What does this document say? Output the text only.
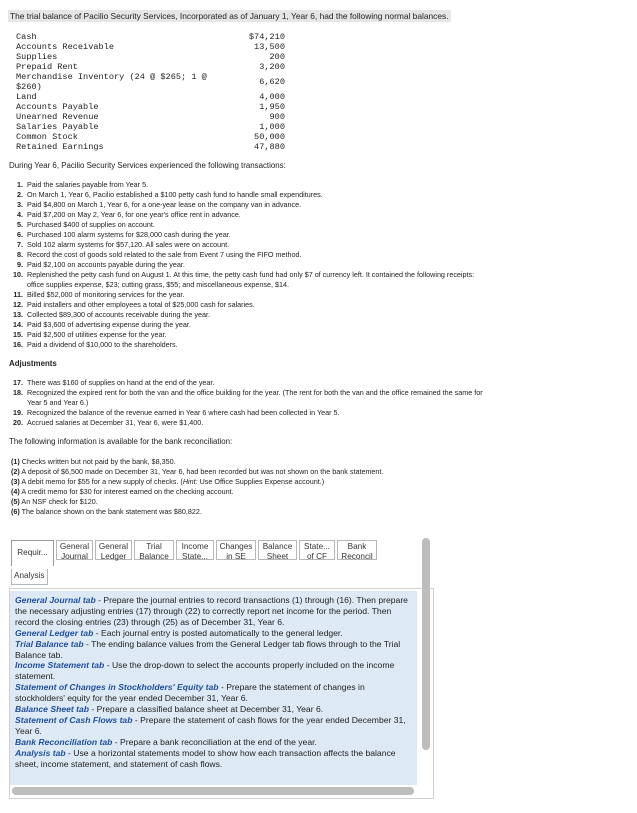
The trial balance of Pacilio Security Services, Incorporated as of January 1, Year 6, had the following normal balances.
Cash	$74,210
Accounts Receivable	13,500
Supplies	200
Prepaid Rent	3,200
Merchandise Inventory (24 @ $265; 1 @ $260)	6,620
Land	4,000
Accounts Payable	1,950
Unearned Revenue	900
Salaries Payable	1,000
Common Stock	50,000
Retained Earnings	47,880
During Year 6, Pacilio Security Services experienced the following transactions:
1. Paid the salaries payable from Year 5.
2. On March 1, Year 6, Pacilio established a $100 petty cash fund to handle small expenditures.
3. Paid $4,800 on March 1, Year 6, for a one-year lease on the company van in advance.
4. Paid $7,200 on May 2, Year 6, for one year's office rent in advance.
5. Purchased $400 of supplies on account.
6. Purchased 100 alarm systems for $28,000 cash during the year.
7. Sold 102 alarm systems for $57,120. All sales were on account.
8. Record the cost of goods sold related to the sale from Event 7 using the FIFO method.
9. Paid $2,100 on accounts payable during the year.
10. Replenished the petty cash fund on August 1. At this time, the petty cash fund had only $7 of currency left. It contained the following receipts: office supplies expense, $23; cutting grass, $55; and miscellaneous expense, $14.
11. Billed $52,000 of monitoring services for the year.
12. Paid installers and other employees a total of $25,000 cash for salaries.
13. Collected $89,300 of accounts receivable during the year.
14. Paid $3,600 of advertising expense during the year.
15. Paid $2,500 of utilities expense for the year.
16. Paid a dividend of $10,000 to the shareholders.
Adjustments
17. There was $160 of supplies on hand at the end of the year.
18. Recognized the expired rent for both the van and the office building for the year. (The rent for both the van and the office remained the same for Year 5 and Year 6.)
19. Recognized the balance of the revenue earned in Year 6 where cash had been collected in Year 5.
20. Accrued salaries at December 31, Year 6, were $1,400.
The following information is available for the bank reconciliation:
(1) Checks written but not paid by the bank, $8,350.
(2) A deposit of $6,500 made on December 31, Year 6, had been recorded but was not shown on the bank statement.
(3) A debit memo for $55 for a new supply of checks. (Hint: Use Office Supplies Expense account.)
(4) A credit memo for $30 for interest earned on the checking account.
(5) An NSF check for $120.
(6) The balance shown on the bank statement was $80,822.
Requir...
General
Journal
General
Ledger
Trial
Balance
Income
State...
Changes
in SE
Balance
Sheet
State...
of CF
Bank
Reconcil
Analysis
General Journal tab - Prepare the journal entries to record transactions (1) through (16). Then prepare the necessary adjusting entries (17) through (22) to correctly report net income for the period. Then record the closing entries (23) through (25) as of December 31, Year 6.
General Ledger tab - Each journal entry is posted automatically to the general ledger.
Trial Balance tab - The ending balance values from the General Ledger tab flows through to the Trial Balance tab.
Income Statement tab - Use the drop-down to select the accounts properly included on the income statement.
Statement of Changes in Stockholders' Equity tab - Prepare the statement of changes in stockholders' equity for the year ended December 31, Year 6.
Balance Sheet tab - Prepare a classified balance sheet at December 31, Year 6.
Statement of Cash Flows tab - Prepare the statement of cash flows for the year ended December 31, Year 6.
Bank Reconciliation tab - Prepare a bank reconciliation at the end of the year.
Analysis tab - Use a horizontal statements model to show how each transaction affects the balance sheet, income statement, and statement of cash flows.
